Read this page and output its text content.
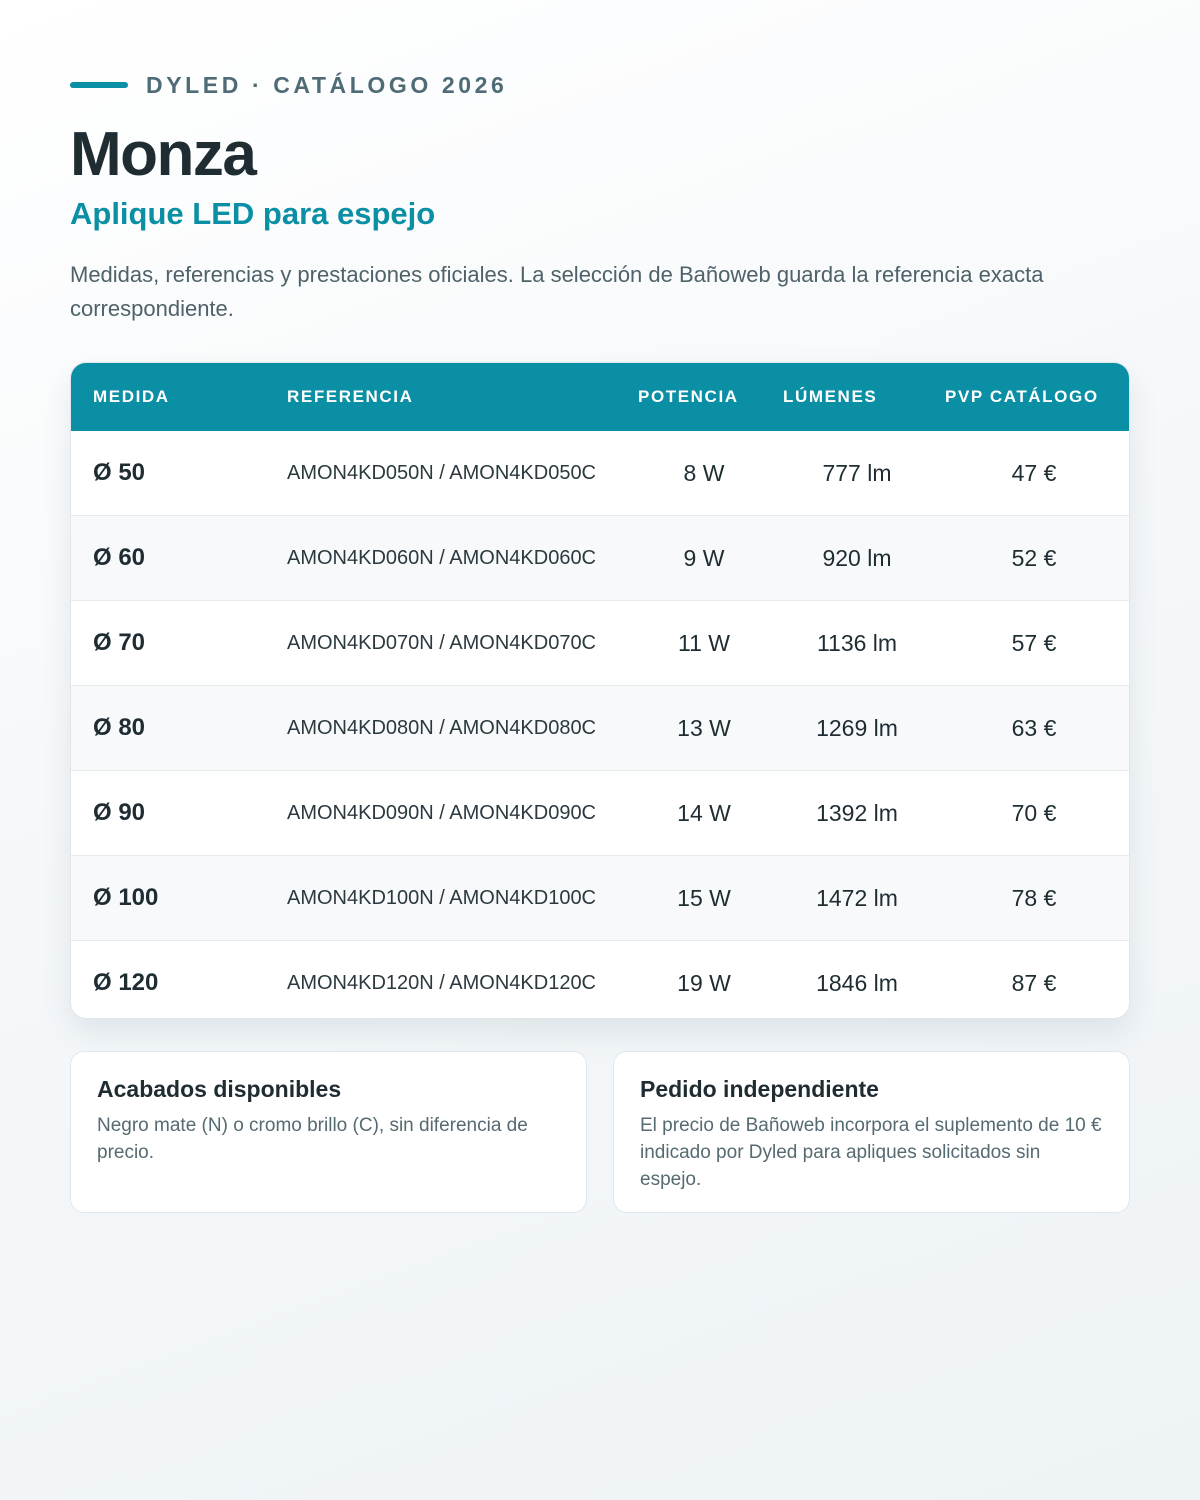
DYLED · CATÁLOGO 2026
Monza
Aplique LED para espejo
Medidas, referencias y prestaciones oficiales. La selección de Bañoweb guarda la referencia exacta correspondiente.
MEDIDA	REFERENCIA	POTENCIA	LÚMENES	PVP CATÁLOGO
Ø 50	AMON4KD050N / AMON4KD050C	8 W	777 lm	47 €
Ø 60	AMON4KD060N / AMON4KD060C	9 W	920 lm	52 €
Ø 70	AMON4KD070N / AMON4KD070C	11 W	1136 lm	57 €
Ø 80	AMON4KD080N / AMON4KD080C	13 W	1269 lm	63 €
Ø 90	AMON4KD090N / AMON4KD090C	14 W	1392 lm	70 €
Ø 100	AMON4KD100N / AMON4KD100C	15 W	1472 lm	78 €
Ø 120	AMON4KD120N / AMON4KD120C	19 W	1846 lm	87 €
Acabados disponibles

Negro mate (N) o cromo brillo (C), sin diferencia de precio.

Pedido independiente

El precio de Bañoweb incorpora el suplemento de 10 € indicado por Dyled para apliques solicitados sin espejo.
